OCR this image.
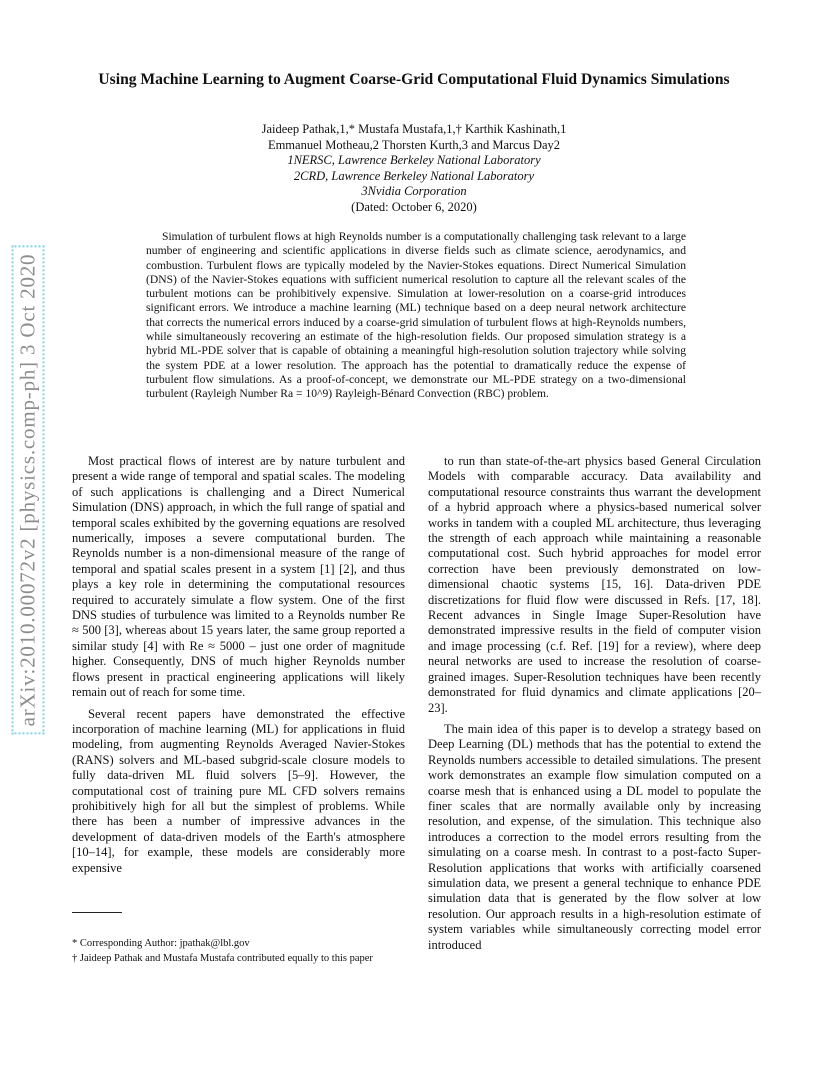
arXiv:2010.00072v2 [physics.comp-ph] 3 Oct 2020
Using Machine Learning to Augment Coarse-Grid Computational Fluid Dynamics Simulations
Jaideep Pathak,1,* Mustafa Mustafa,1,† Karthik Kashinath,1
Emmanuel Motheau,2 Thorsten Kurth,3 and Marcus Day2
1NERSC, Lawrence Berkeley National Laboratory
2CRD, Lawrence Berkeley National Laboratory
3Nvidia Corporation
(Dated: October 6, 2020)
Simulation of turbulent flows at high Reynolds number is a computationally challenging task relevant to a large number of engineering and scientific applications in diverse fields such as climate science, aerodynamics, and combustion. Turbulent flows are typically modeled by the Navier-Stokes equations. Direct Numerical Simulation (DNS) of the Navier-Stokes equations with sufficient numerical resolution to capture all the relevant scales of the turbulent motions can be prohibitively expensive. Simulation at lower-resolution on a coarse-grid introduces significant errors. We introduce a machine learning (ML) technique based on a deep neural network architecture that corrects the numerical errors induced by a coarse-grid simulation of turbulent flows at high-Reynolds numbers, while simultaneously recovering an estimate of the high-resolution fields. Our proposed simulation strategy is a hybrid ML-PDE solver that is capable of obtaining a meaningful high-resolution solution trajectory while solving the system PDE at a lower resolution. The approach has the potential to dramatically reduce the expense of turbulent flow simulations. As a proof-of-concept, we demonstrate our ML-PDE strategy on a two-dimensional turbulent (Rayleigh Number Ra = 10^9) Rayleigh-Bénard Convection (RBC) problem.

Most practical flows of interest are by nature turbulent and present a wide range of temporal and spatial scales. The modeling of such applications is challenging and a Direct Numerical Simulation (DNS) approach, in which the full range of spatial and temporal scales exhibited by the governing equations are resolved numerically, imposes a severe computational burden. The Reynolds number is a non-dimensional measure of the range of temporal and spatial scales present in a system [1] [2], and thus plays a key role in determining the computational resources required to accurately simulate a flow system. One of the first DNS studies of turbulence was limited to a Reynolds number Re ≈ 500 [3], whereas about 15 years later, the same group reported a similar study [4] with Re ≈ 5000 – just one order of magnitude higher. Consequently, DNS of much higher Reynolds number flows present in practical engineering applications will likely remain out of reach for some time.

Several recent papers have demonstrated the effective incorporation of machine learning (ML) for applications in fluid modeling, from augmenting Reynolds Averaged Navier-Stokes (RANS) solvers and ML-based subgrid-scale closure models to fully data-driven ML fluid solvers [5–9]. However, the computational cost of training pure ML CFD solvers remains prohibitively high for all but the simplest of problems. While there has been a number of impressive advances in the development of data-driven models of the Earth's atmosphere [10–14], for example, these models are considerably more expensive

to run than state-of-the-art physics based General Circulation Models with comparable accuracy. Data availability and computational resource constraints thus warrant the development of a hybrid approach where a physics-based numerical solver works in tandem with a coupled ML architecture, thus leveraging the strength of each approach while maintaining a reasonable computational cost. Such hybrid approaches for model error correction have been previously demonstrated on low-dimensional chaotic systems [15, 16]. Data-driven PDE discretizations for fluid flow were discussed in Refs. [17, 18]. Recent advances in Single Image Super-Resolution have demonstrated impressive results in the field of computer vision and image processing (c.f. Ref. [19] for a review), where deep neural networks are used to increase the resolution of coarse-grained images. Super-Resolution techniques have been recently demonstrated for fluid dynamics and climate applications [20–23].

The main idea of this paper is to develop a strategy based on Deep Learning (DL) methods that has the potential to extend the Reynolds numbers accessible to detailed simulations. The present work demonstrates an example flow simulation computed on a coarse mesh that is enhanced using a DL model to populate the finer scales that are normally available only by increasing resolution, and expense, of the simulation. This technique also introduces a correction to the model errors resulting from the simulating on a coarse mesh. In contrast to a post-facto Super-Resolution applications that works with artificially coarsened simulation data, we present a general technique to enhance PDE simulation data that is generated by the flow solver at low resolution. Our approach results in a high-resolution estimate of system variables while simultaneously correcting model error introduced

* Corresponding Author: jpathak@lbl.gov

† Jaideep Pathak and Mustafa Mustafa contributed equally to this paper
